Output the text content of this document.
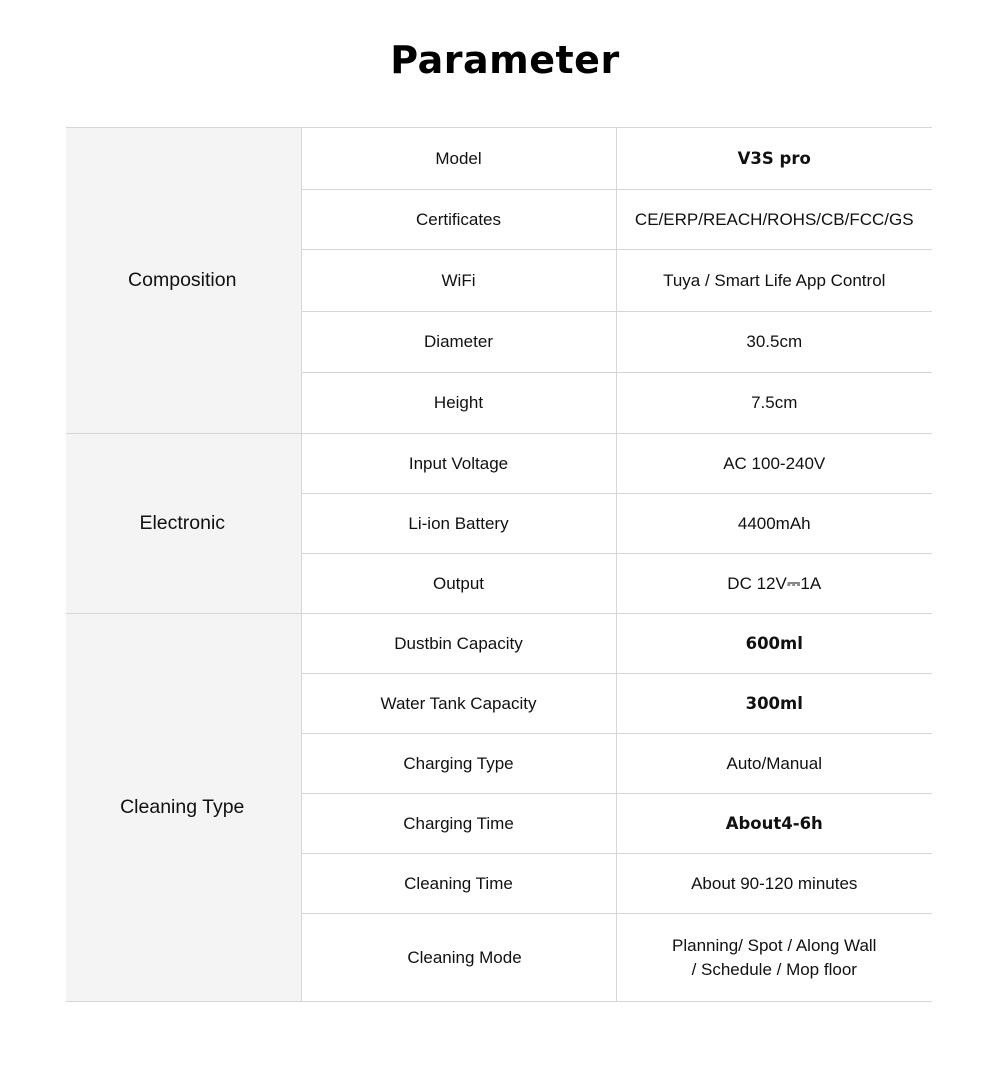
Parameter
Composition	Model	V3S pro
	Certificates	CE/ERP/REACH/ROHS/CB/FCC/GS
	WiFi	Tuya / Smart Life App Control
	Diameter	30.5cm
	Height	7.5cm
Electronic	Input Voltage	AC 100-240V
	Li-ion Battery	4400mAh
	Output	DC 12V⎓1A
Cleaning Type	Dustbin Capacity	600ml
	Water Tank Capacity	300ml
	Charging Type	Auto/Manual
	Charging Time	About4-6h
	Cleaning Time	About 90-120 minutes
	Cleaning Mode	Planning/ Spot / Along Wall
/ Schedule / Mop floor
